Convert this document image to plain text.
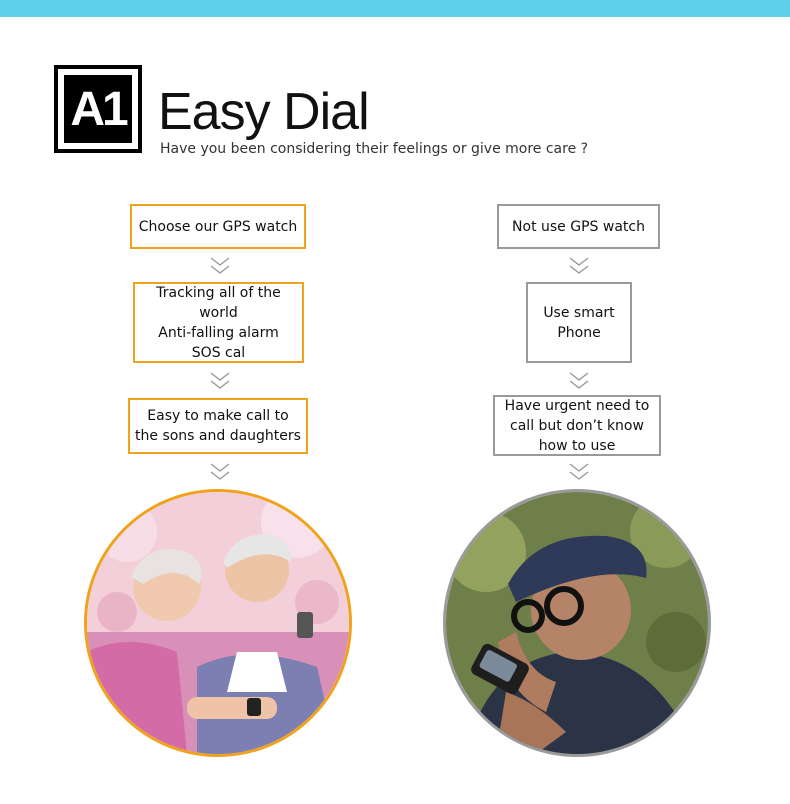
A1 Easy Dial
Have you been considering their feelings or give more care ?
Choose our GPS watch
Tracking all of the world
Anti-falling alarm
SOS cal
Easy to make call to
the sons and daughters
Not use GPS watch
Use smart
Phone
Have urgent need to
call but don’t know
how to use
